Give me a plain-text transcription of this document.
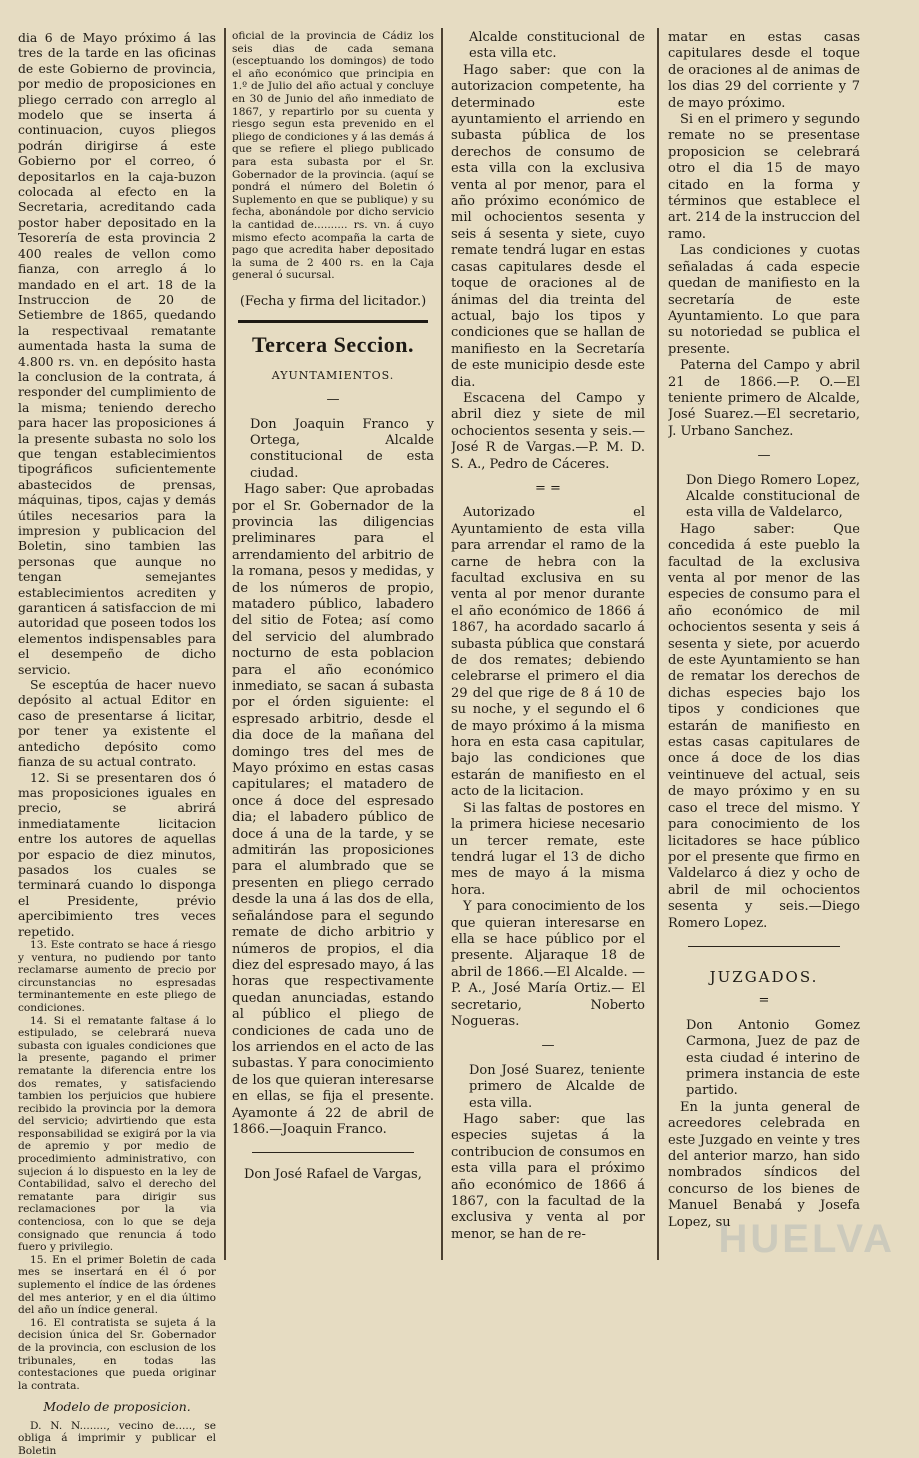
dia 6 de Mayo próximo á las tres de la tarde en las oficinas de este Gobierno de provincia, por medio de proposiciones en pliego cerrado con arreglo al modelo que se inserta á continuacion, cuyos pliegos podrán dirigirse á este Gobierno por el correo, ó depositarlos en la caja-buzon colocada al efecto en la Secretaria, acreditando cada postor haber depositado en la Tesorería de esta provincia 2 400 reales de vellon como fianza, con arreglo á lo mandado en el art. 18 de la Instruccion de 20 de Setiembre de 1865, quedando la respectivaal rematante aumentada hasta la suma de 4.800 rs. vn. en depósito hasta la conclusion de la contrata, á responder del cumplimiento de la misma; teniendo derecho para hacer las proposiciones á la presente subasta no solo los que tengan establecimientos tipográficos suficientemente abastecidos de prensas, máquinas, tipos, cajas y demás útiles necesarios para la impresion y publicacion del Boletin, sino tambien las personas que aunque no tengan semejantes establecimientos acrediten y garanticen á satisfaccion de mi autoridad que poseen todos los elementos indispensables para el desempeño de dicho servicio.

Se esceptúa de hacer nuevo depósito al actual Editor en caso de presentarse á licitar, por tener ya existente el antedicho depósito como fianza de su actual contrato.

12. Si se presentaren dos ó mas proposiciones iguales en precio, se abrirá inmediatamente licitacion entre los autores de aquellas por espacio de diez minutos, pasados los cuales se terminará cuando lo disponga el Presidente, prévio apercibimiento tres veces repetido.

13. Este contrato se hace á riesgo y ventura, no pudiendo por tanto reclamarse aumento de precio por circunstancias no espresadas terminantemente en este pliego de condiciones.

14. Si el rematante faltase á lo estipulado, se celebrará nueva subasta con iguales condiciones que la presente, pagando el primer rematante la diferencia entre los dos remates, y satisfaciendo tambien los perjuicios que hubiere recibido la provincia por la demora del servicio; advirtiendo que esta responsabilidad se exigirá por la via de apremio y por medio de procedimiento administrativo, con sujecion á lo dispuesto en la ley de Contabilidad, salvo el derecho del rematante para dirigir sus reclamaciones por la via contenciosa, con lo que se deja consignado que renuncia á todo fuero y privilegio.

15. En el primer Boletin de cada mes se insertará en él ó por suplemento el índice de las órdenes del mes anterior, y en el dia último del año un índice general.

16. El contratista se sujeta á la decision única del Sr. Gobernador de la provincia, con esclusion de los tribunales, en todas las contestaciones que pueda originar la contrata.

Modelo de proposicion.

D. N. N........, vecino de....., se obliga á imprimir y publicar el Boletin

oficial de la provincia de Cádiz los seis dias de cada semana (esceptuando los domingos) de todo el año económico que principia en 1.º de Julio del año actual y concluye en 30 de Junio del año inmediato de 1867, y repartirlo por su cuenta y riesgo segun esta prevenido en el pliego de condiciones y á las demás á que se refiere el pliego publicado para esta subasta por el Sr. Gobernador de la provincia. (aquí se pondrá el número del Boletin ó Suplemento en que se publique) y su fecha, abonándole por dicho servicio la cantidad de.......... rs. vn. á cuyo mismo efecto acompaña la carta de pago que acredita haber depositado la suma de 2 400 rs. en la Caja general ó sucursal.

(Fecha y firma del licitador.)

Tercera Seccion.
AYUNTAMIENTOS.
—

Don Joaquin Franco y Ortega, Alcalde constitucional de esta ciudad.

Hago saber: Que aprobadas por el Sr. Gobernador de la provincia las diligencias preliminares para el arrendamiento del arbitrio de la romana, pesos y medidas, y de los números de propio, matadero público, labadero del sitio de Fotea; así como del servicio del alumbrado nocturno de esta poblacion para el año económico inmediato, se sacan á subasta por el órden siguiente: el espresado arbitrio, desde el dia doce de la mañana del domingo tres del mes de Mayo próximo en estas casas capitulares; el matadero de once á doce del espresado dia; el labadero público de doce á una de la tarde, y se admitirán las proposiciones para el alumbrado que se presenten en pliego cerrado desde la una á las dos de ella, señalándose para el segundo remate de dicho arbitrio y números de propios, el dia diez del espresado mayo, á las horas que respectivamente quedan anunciadas, estando al público el pliego de condiciones de cada uno de los arriendos en el acto de las subastas. Y para conocimiento de los que quieran interesarse en ellas, se fija el presente. Ayamonte á 22 de abril de 1866.—Joaquin Franco.

Don José Rafael de Vargas,

Alcalde constitucional de esta villa etc.

Hago saber: que con la autorizacion competente, ha determinado este ayuntamiento el arriendo en subasta pública de los derechos de consumo de esta villa con la exclusiva venta al por menor, para el año próximo económico de mil ochocientos sesenta y seis á sesenta y siete, cuyo remate tendrá lugar en estas casas capitulares desde el toque de oraciones al de ánimas del dia treinta del actual, bajo los tipos y condiciones que se hallan de manifiesto en la Secretaría de este municipio desde este dia.

Escacena del Campo y abril diez y siete de mil ochocientos sesenta y seis.—José R de Vargas.—P. M. D. S. A., Pedro de Cáceres.

= =

Autorizado el Ayuntamiento de esta villa para arrendar el ramo de la carne de hebra con la facultad exclusiva en su venta al por menor durante el año económico de 1866 á 1867, ha acordado sacarlo á subasta pública que constará de dos remates; debiendo celebrarse el primero el dia 29 del que rige de 8 á 10 de su noche, y el segundo el 6 de mayo próximo á la misma hora en esta casa capitular, bajo las condiciones que estarán de manifiesto en el acto de la licitacion.

Si las faltas de postores en la primera hiciese necesario un tercer remate, este tendrá lugar el 13 de dicho mes de mayo á la misma hora.

Y para conocimiento de los que quieran interesarse en ella se hace público por el presente. Aljaraque 18 de abril de 1866.—El Alcalde. —P. A., José María Ortiz.— El secretario, Noberto Nogueras.

—

Don José Suarez, teniente primero de Alcalde de esta villa.

Hago saber: que las especies sujetas á la contribucion de consumos en esta villa para el próximo año económico de 1866 á 1867, con la facultad de la exclusiva y venta al por menor, se han de re-

matar en estas casas capitulares desde el toque de oraciones al de animas de los dias 29 del corriente y 7 de mayo próximo.

Si en el primero y segundo remate no se presentase proposicion se celebrará otro el dia 15 de mayo citado en la forma y términos que establece el art. 214 de la instruccion del ramo.

Las condiciones y cuotas señaladas á cada especie quedan de manifiesto en la secretaría de este Ayuntamiento. Lo que para su notoriedad se publica el presente.

Paterna del Campo y abril 21 de 1866.—P. O.—El teniente primero de Alcalde, José Suarez.—El secretario, J. Urbano Sanchez.

—

Don Diego Romero Lopez, Alcalde constitucional de esta villa de Valdelarco,

Hago saber: Que concedida á este pueblo la facultad de la exclusiva venta al por menor de las especies de consumo para el año económico de mil ochocientos sesenta y seis á sesenta y siete, por acuerdo de este Ayuntamiento se han de rematar los derechos de dichas especies bajo los tipos y condiciones que estarán de manifiesto en estas casas capitulares de once á doce de los dias veintinueve del actual, seis de mayo próximo y en su caso el trece del mismo. Y para conocimiento de los licitadores se hace público por el presente que firmo en Valdelarco á diez y ocho de abril de mil ochocientos sesenta y seis.—Diego Romero Lopez.

JUZGADOS.
=

Don Antonio Gomez Carmona, Juez de paz de esta ciudad é interino de primera instancia de este partido.

En la junta general de acreedores celebrada en este Juzgado en veinte y tres del anterior marzo, han sido nombrados síndicos del concurso de los bienes de Manuel Benabá y Josefa Lopez, su

HUELVA
